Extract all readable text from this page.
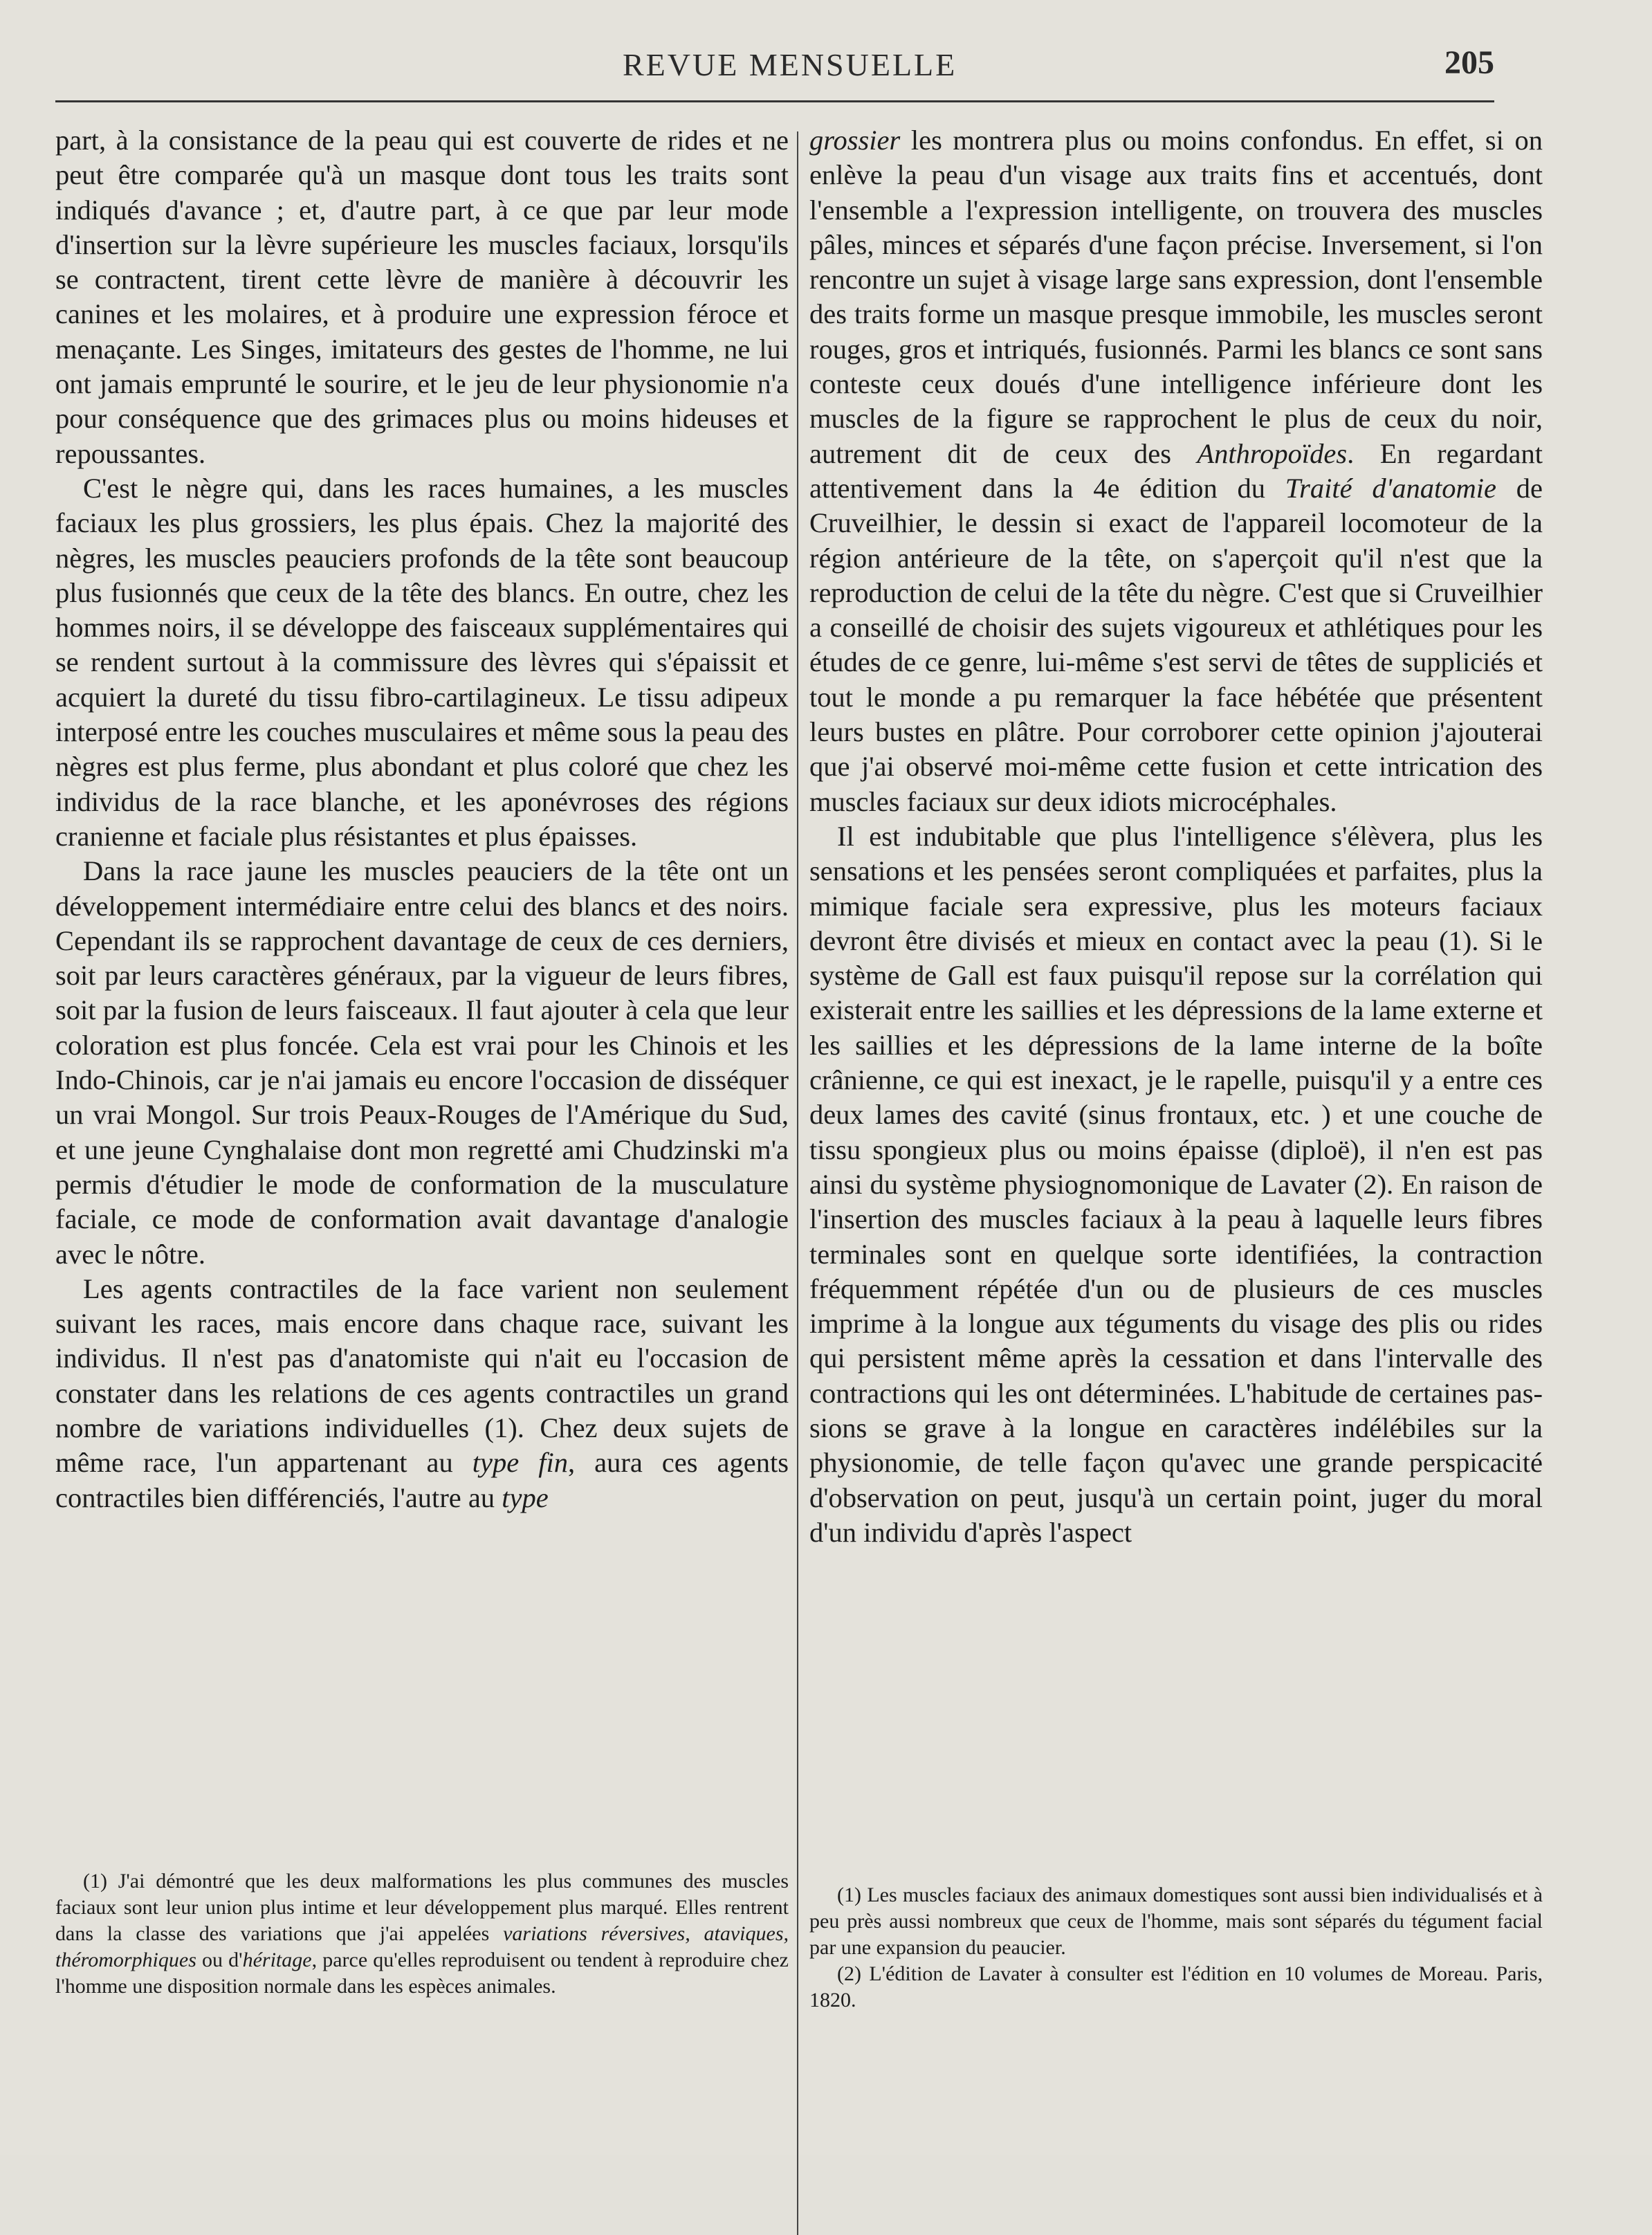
REVUE MENSUELLE	205

part, à la consistance de la peau qui est couverte de rides et ne peut être comparée qu'à un masque dont tous les traits sont indiqués d'avance ; et, d'autre part, à ce que par leur mode d'insertion sur la lèvre supérieure les muscles faciaux, lorsqu'ils se contractent, tirent cette lèvre de manière à découvrir les canines et les molaires, et à produire une expression féroce et menaçante. Les Singes, imitateurs des gestes de l'homme, ne lui ont jamais emprunté le sourire, et le jeu de leur physionomie n'a pour conséquence que des grimaces plus ou moins hideuses et repoussantes.

C'est le nègre qui, dans les races humaines, a les muscles faciaux les plus grossiers, les plus épais. Chez la majorité des nègres, les muscles peauciers profonds de la tête sont beaucoup plus fusionnés que ceux de la tête des blancs. En outre, chez les hommes noirs, il se développe des faisceaux supplémentaires qui se rendent surtout à la commissure des lèvres qui s'épaissit et acquiert la dureté du tissu fibro-cartilagineux. Le tissu adipeux interposé entre les couches musculaires et même sous la peau des nègres est plus ferme, plus abondant et plus coloré que chez les individus de la race blanche, et les aponévroses des régions cranienne et faciale plus résistantes et plus épaisses.

Dans la race jaune les muscles peauciers de la tête ont un développement intermédiaire entre celui des blancs et des noirs. Cependant ils se rapprochent davantage de ceux de ces derniers, soit par leurs caractères généraux, par la vigueur de leurs fibres, soit par la fusion de leurs faisceaux. Il faut ajouter à cela que leur coloration est plus foncée. Cela est vrai pour les Chinois et les Indo-Chinois, car je n'ai jamais eu encore l'occasion de disséquer un vrai Mongol. Sur trois Peaux-Rouges de l'Amérique du Sud, et une jeune Cynghalaise dont mon regretté ami Chudzinski m'a permis d'étudier le mode de conformation de la musculature faciale, ce mode de conformation avait davantage d'analogie avec le nôtre.

Les agents contractiles de la face varient non seulement suivant les races, mais encore dans chaque race, suivant les individus. Il n'est pas d'anatomiste qui n'ait eu l'occasion de constater dans les relations de ces agents contractiles un grand nombre de variations individuelles (1). Chez deux sujets de même race, l'un appartenant au type fin, aura ces agents contractiles bien différenciés, l'autre au type

grossier les montrera plus ou moins confondus. En effet, si on enlève la peau d'un visage aux traits fins et accentués, dont l'ensemble a l'expression intelligente, on trouvera des muscles pâles, minces et séparés d'une façon précise. Inversement, si l'on rencontre un sujet à visage large sans expression, dont l'ensemble des traits forme un masque presque immobile, les muscles seront rouges, gros et intriqués, fusionnés. Parmi les blancs ce sont sans conteste ceux doués d'une intelligence inférieure dont les muscles de la figure se rapprochent le plus de ceux du noir, autrement dit de ceux des Anthropoïdes. En regardant attentivement dans la 4e édition du Traité d'anatomie de Cruveilhier, le dessin si exact de l'appareil locomoteur de la région antérieure de la tête, on s'aperçoit qu'il n'est que la reproduction de celui de la tête du nègre. C'est que si Cruveilhier a conseillé de choisir des sujets vigoureux et athlétiques pour les études de ce genre, lui-même s'est servi de têtes de suppliciés et tout le monde a pu remarquer la face hébétée que présentent leurs bustes en plâtre. Pour corroborer cette opinion j'ajouterai que j'ai observé moi-même cette fusion et cette intrication des muscles faciaux sur deux idiots microcéphales.

Il est indubitable que plus l'intelligence s'élèvera, plus les sensations et les pensées seront compliquées et parfaites, plus la mimique faciale sera expressive, plus les moteurs faciaux devront être divisés et mieux en contact avec la peau (1). Si le système de Gall est faux puisqu'il repose sur la corrélation qui existerait entre les saillies et les dépressions de la lame externe et les saillies et les dépressions de la lame interne de la boîte crânienne, ce qui est inexact, je le rapelle, puisqu'il y a entre ces deux lames des cavité (sinus frontaux, etc. ) et une couche de tissu spongieux plus ou moins épaisse (diploë), il n'en est pas ainsi du système physiognomonique de Lavater (2). En raison de l'insertion des muscles faciaux à la peau à laquelle leurs fibres terminales sont en quelque sorte identifiées, la contraction fréquemment répétée d'un ou de plusieurs de ces muscles imprime à la longue aux téguments du visage des plis ou rides qui persistent même après la cessation et dans l'intervalle des contractions qui les ont déterminées. L'habitude de certaines passions se grave à la longue en caractères indélébiles sur la physionomie, de telle façon qu'avec une grande perspicacité d'observation on peut, jusqu'à un certain point, juger du moral d'un individu d'après l'aspect

(1) J'ai démontré que les deux malformations les plus communes des muscles faciaux sont leur union plus intime et leur développement plus marqué. Elles rentrent dans la classe des variations que j'ai appelées variations réversives, ataviques, théromorphiques ou d'héritage, parce qu'elles reproduisent ou tendent à reproduire chez l'homme une disposition normale dans les espèces animales.

(1) Les muscles faciaux des animaux domestiques sont aussi bien individualisés et à peu près aussi nombreux que ceux de l'homme, mais sont séparés du tégument facial par une expansion du peaucier.

(2) L'édition de Lavater à consulter est l'édition en 10 volumes de Moreau. Paris, 1820.
